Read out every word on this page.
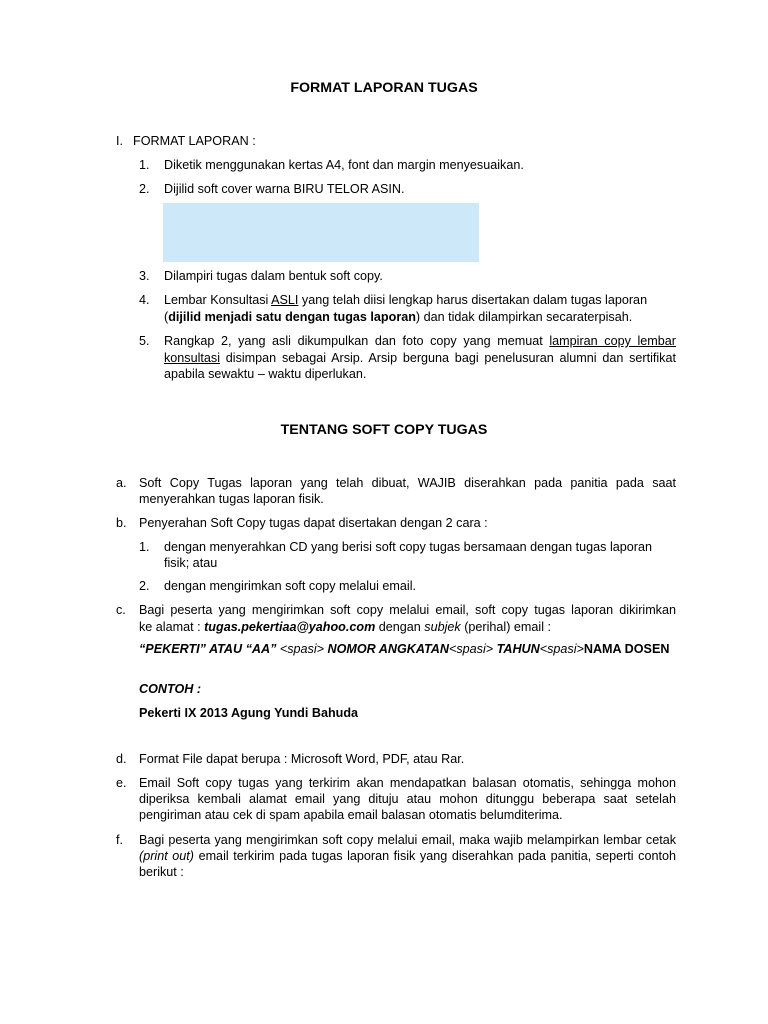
FORMAT LAPORAN TUGAS
I. FORMAT LAPORAN :
1. Diketik menggunakan kertas A4, font dan margin menyesuaikan.
2. Dijilid soft cover warna BIRU TELOR ASIN.
3. Dilampiri tugas dalam bentuk soft copy.
4. Lembar Konsultasi ASLI yang telah diisi lengkap harus disertakan dalam tugas laporan
(dijilid menjadi satu dengan tugas laporan) dan tidak dilampirkan secaraterpisah.
5. Rangkap 2, yang asli dikumpulkan dan foto copy yang memuat lampiran copy lembar
konsultasi disimpan sebagai Arsip. Arsip berguna bagi penelusuran alumni dan sertifikat apabila sewaktu – waktu diperlukan.
TENTANG SOFT COPY TUGAS
a. Soft Copy Tugas laporan yang telah dibuat, WAJIB diserahkan pada panitia pada saat menyerahkan tugas laporan fisik.
b. Penyerahan Soft Copy tugas dapat disertakan dengan 2 cara :
1. dengan menyerahkan CD yang berisi soft copy tugas bersamaan dengan tugas laporan fisik; atau
2. dengan mengirimkan soft copy melalui email.
c. Bagi peserta yang mengirimkan soft copy melalui email, soft copy tugas laporan dikirimkan
ke alamat : tugas.pekertiaa@yahoo.com dengan subjek (perihal) email :
“PEKERTI” ATAU “AA” <spasi> NOMOR ANGKATAN<spasi> TAHUN<spasi>NAMA DOSEN
CONTOH :
Pekerti IX 2013 Agung Yundi Bahuda
d. Format File dapat berupa : Microsoft Word, PDF, atau Rar.
e. Email Soft copy tugas yang terkirim akan mendapatkan balasan otomatis, sehingga mohon diperiksa kembali alamat email yang dituju atau mohon ditunggu beberapa saat setelah pengiriman atau cek di spam apabila email balasan otomatis belumditerima.
f. Bagi peserta yang mengirimkan soft copy melalui email, maka wajib melampirkan lembar cetak (print out) email terkirim pada tugas laporan fisik yang diserahkan pada panitia, seperti contoh berikut :
